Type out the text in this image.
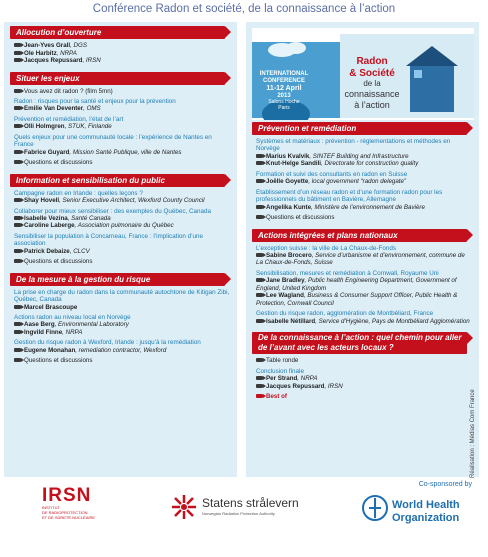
Conférence Radon et société, de la connaissance à l’action
Allocution d’ouverture
Jean-Yves Grall, DGS
Ole Harbitz, NRPA
Jacques Repussard, IRSN
Situer les enjeux
Vous avez dit radon ? (film 5mn)
Radon : risques pour la santé et enjeux pour la prévention
Emilie Van Deventer, OMS
Prévention et remédiation, l’état de l’art
Olli Holmgren, STUK, Finlande
Quels enjeux pour une communauté locale : l’expérience de Nantes en France
Fabrice Guyard, Mission Santé Publique, ville de Nantes
Questions et discussions
Information et sensibilisation du public
Campagne radon en Irlande : quelles leçons ?
Shay Hovell, Senior Executive Architect, Wexford County Council
Collaborer pour mieux sensibiliser : des exemples du Québec, Canada
Isabelle Vezina, Santé Canada
Caroline Laberge, Association pulmonaire du Québec
Sensibiliser la population à Concarneau, France : l’implication d’une association
Patrick Debaize, CLCV
Questions et discussions
De la mesure à la gestion du risque
La prise en charge du radon dans la communauté autochtone de Kitigan Zibi, Québec, Canada
Marcel Brascoupe
Actions radon au niveau local en Norvège
Aase Berg, Environmental Laboratory
Ingvild Finne, NRPA
Gestion du risque radon à Wexford, Irlande : jusqu’à la remédiation
Eugene Monahan, remediation contractor, Wexford
Questions et discussions
Prévention et remédiation
Systèmes et matériaux : prévention - réglementations et méthodes en Norvège
Marius Kvalvik, SINTEF Building and Infrastructure
Knut-Helge Sandili, Directorate for construction quality
Formation et suivi des consultants en radon en Suisse
Joëlle Goyette, local government “radon delegate”
Etablissement d’un réseau radon et d’une formation radon pour les professionnels du bâtiment en Bavière, Allemagne
Angelika Kunte, Ministère de l’environnement de Bavière
Questions et discussions
Actions intégrées et plans nationaux
L’exception suisse : la ville de La Chaux-de-Fonds
Sabine Brocero, Service d’urbanisme et d’environnement, commune de La Chaux-de-Fonds, Suisse
Sensibilisation, mesures et remédiation à Cornwall, Royaume Uni
Jane Bradley, Public health Engineering Department, Government of England, United Kingdom
Lee Wagland, Business & Consumer Support Officer, Public Health & Protection, Cornwall Council
Gestion du risque radon, agglomération de Montbéliard, France
Isabelle Nétillard, Service d’Hygiène, Pays de Montbéliard Agglomération
De la connaissance à l’action : quel chemin pour aller de l’avant avec les acteurs locaux ?
Table ronde
Conclusion finale
Per Strand, NRPA
Jacques Repussard, IRSN
Best of
INTERNATIONAL
CONFERENCE
11-12 April
2013
Salons Hoche
Paris
Radon
& Société
de la
connaissance
à l’action
IRSN
INSTITUT
DE RADIOPROTECTION
ET DE SÛRETÉ NUCLÉAIRE
Statens strålevern
Norwegian Radiation Protection Authority
Co-sponsored by
World Health
Organization
Réalisation : Médias Com France
